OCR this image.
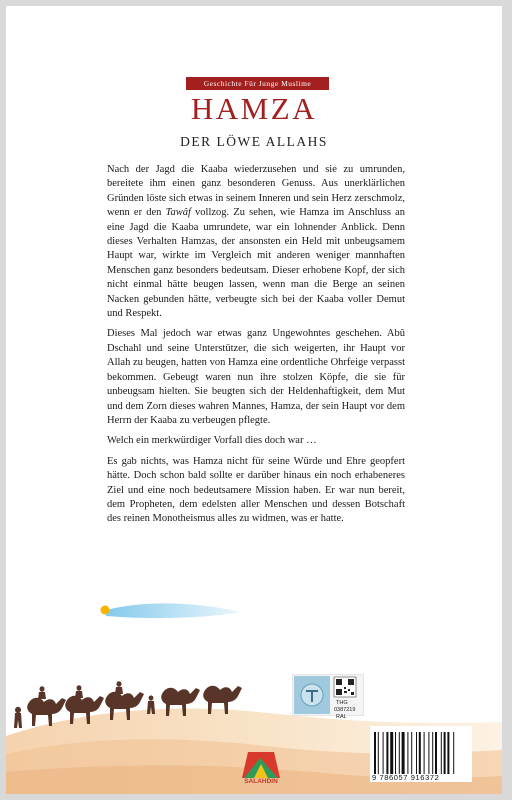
Geschichte Für Junge Muslime
HAMZA
DER LÖWE ALLAHS

Nach der Jagd die Kaaba wiederzusehen und sie zu umrunden, bereitete ihm einen ganz besonderen Genuss. Aus unerklärlichen Gründen löste sich etwas in seinem Inneren und sein Herz zerschmolz, wenn er den Tawâf vollzog. Zu sehen, wie Hamza im Anschluss an eine Jagd die Kaaba umrundete, war ein lohnender Anblick. Denn dieses Verhalten Hamzas, der ansonsten ein Held mit unbeugsamem Haupt war, wirkte im Vergleich mit anderen weniger mannhaften Menschen ganz besonders bedeutsam. Dieser erhobene Kopf, der sich nicht einmal hätte beugen lassen, wenn man die Berge an seinen Nacken gebunden hätte, verbeugte sich bei der Kaaba voller Demut und Respekt.

Dieses Mal jedoch war etwas ganz Ungewohntes geschehen. Abû Dschahl und seine Unterstützer, die sich weigerten, ihr Haupt vor Allah zu beugen, hatten von Hamza eine ordentliche Ohrfeige verpasst bekommen. Gebeugt waren nun ihre stolzen Köpfe, die sie für unbeugsam hielten. Sie beugten sich der Heldenhaftigkeit, dem Mut und dem Zorn dieses wahren Mannes, Hamza, der sein Haupt vor dem Herrn der Kaaba zu verbeugen pflegte.

Welch ein merkwürdiger Vorfall dies doch war …

Es gab nichts, was Hamza nicht für seine Würde und Ehre geopfert hätte. Doch schon bald sollte er darüber hinaus ein noch erhabeneres Ziel und eine noch bedeutsamere Mission haben. Er war nun bereit, dem Propheten, dem edelsten aller Menschen und dessen Botschaft des reinen Monotheismus alles zu widmen, was er hatte.

THG
0387219
RAL
SALAHDIN	9 786057 916372
